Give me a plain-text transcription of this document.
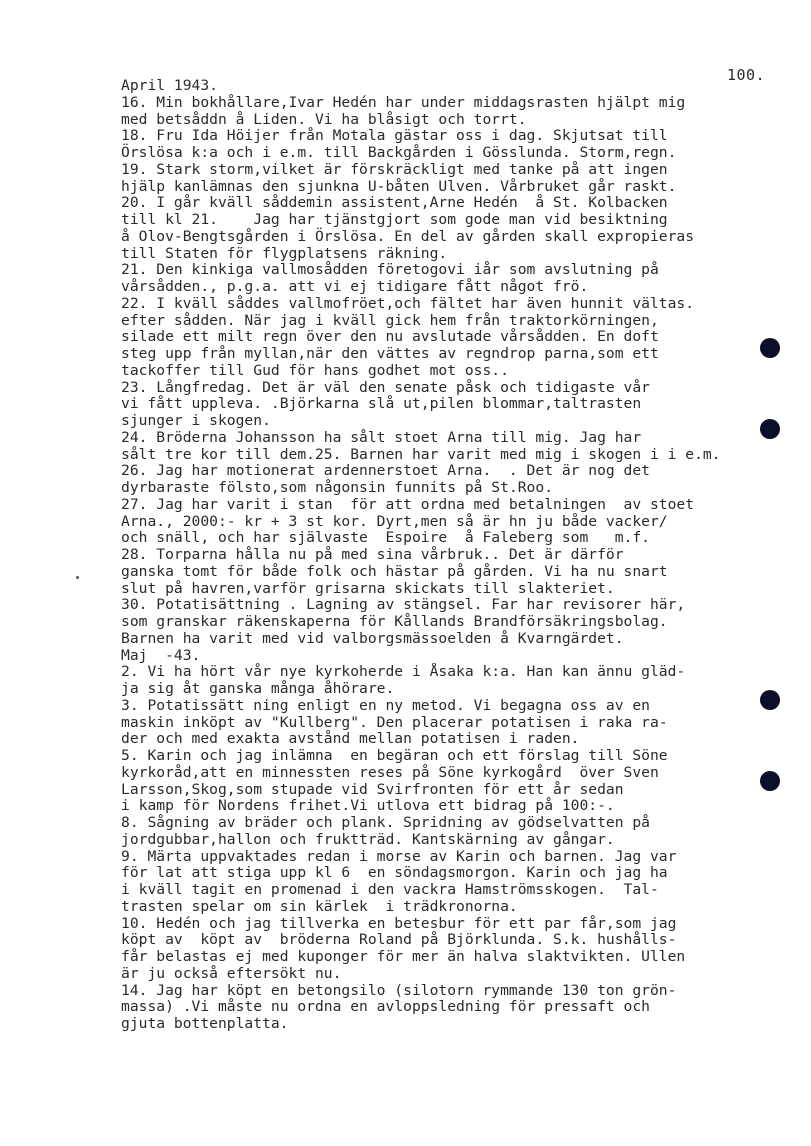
100.
April 1943.
16. Min bokhållare,Ivar Hedén har under middagsrasten hjälpt mig
med betsåddn å Liden. Vi ha blåsigt och torrt.
18. Fru Ida Höijer från Motala gästar oss i dag. Skjutsat till
Örslösa k:a och i e.m. till Backgården i Gösslunda. Storm,regn.
19. Stark storm,vilket är förskräckligt med tanke på att ingen
hjälp kanlämnas den sjunkna U-båten Ulven. Vårbruket går raskt.
20. I går kväll såddemin assistent,Arne Hedén  å St. Kolbacken
till kl 21.    Jag har tjänstgjort som gode man vid besiktning
å Olov-Bengtsgården i Örslösa. En del av gården skall expropieras
till Staten för flygplatsens räkning.
21. Den kinkiga vallmosådden företogovi iår som avslutning på
vårsådden., p.g.a. att vi ej tidigare fått något frö.
22. I kväll såddes vallmofröet,och fältet har även hunnit vältas.
efter sådden. När jag i kväll gick hem från traktorkörningen,
silade ett milt regn över den nu avslutade vårsådden. En doft
steg upp från myllan,när den vättes av regndrop parna,som ett
tackoffer till Gud för hans godhet mot oss..
23. Långfredag. Det är väl den senate påsk och tidigaste vår
vi fått uppleva. .Björkarna slå ut,pilen blommar,taltrasten
sjunger i skogen.
24. Bröderna Johansson ha sålt stoet Arna till mig. Jag har
sålt tre kor till dem.25. Barnen har varit med mig i skogen i i e.m.
26. Jag har motionerat ardennerstoet Arna.  . Det är nog det
dyrbaraste fölsto,som någonsin funnits på St.Roo.
27. Jag har varit i stan  för att ordna med betalningen  av stoet
Arna., 2000:- kr + 3 st kor. Dyrt,men så är hn ju både vacker/
och snäll, och har självaste  Espoire  å Faleberg som   m.f.
28. Torparna hålla nu på med sina vårbruk.. Det är därför
ganska tomt för både folk och hästar på gården. Vi ha nu snart
slut på havren,varför grisarna skickats till slakteriet.
30. Potatisättning . Lagning av stängsel. Far har revisorer här,
som granskar räkenskaperna för Kållands Brandförsäkringsbolag.
Barnen ha varit med vid valborgsmässoelden å Kvarngärdet.
Maj  -43.
2. Vi ha hört vår nye kyrkoherde i Åsaka k:a. Han kan ännu gläd-
ja sig åt ganska många åhörare.
3. Potatissätt ning enligt en ny metod. Vi begagna oss av en
maskin inköpt av "Kullberg". Den placerar potatisen i raka ra-
der och med exakta avstånd mellan potatisen i raden.
5. Karin och jag inlämna  en begäran och ett förslag till Söne
kyrkoråd,att en minnessten reses på Söne kyrkogård  över Sven
Larsson,Skog,som stupade vid Svirfronten för ett år sedan
i kamp för Nordens frihet.Vi utlova ett bidrag på 100:-.
8. Sågning av bräder och plank. Spridning av gödselvatten på
jordgubbar,hallon och fruktträd. Kantskärning av gångar.
9. Märta uppvaktades redan i morse av Karin och barnen. Jag var
för lat att stiga upp kl 6  en söndagsmorgon. Karin och jag ha
i kväll tagit en promenad i den vackra Hamströmsskogen.  Tal-
trasten spelar om sin kärlek  i trädkronorna.
10. Hedén och jag tillverka en betesbur för ett par får,som jag
köpt av  köpt av  bröderna Roland på Björklunda. S.k. hushålls-
får belastas ej med kuponger för mer än halva slaktvikten. Ullen
är ju också eftersökt nu.
14. Jag har köpt en betongsilo (silotorn rymmande 130 ton grön-
massa) .Vi måste nu ordna en avloppsledning för pressaft och
gjuta bottenplatta.
